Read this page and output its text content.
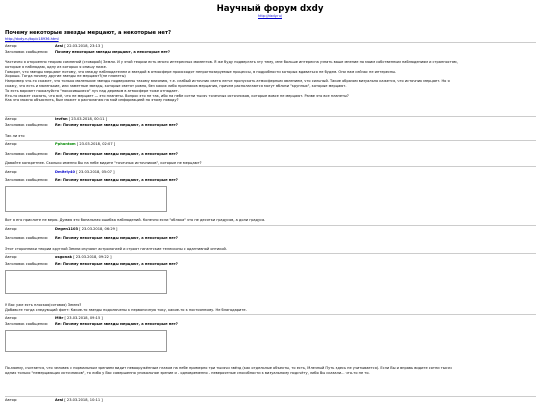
Научный форум dxdy
http://dxdy.ru/
Почему некоторые звезды мерцают, а некоторые нет?
http://dxdy.ru/topic18936.html
Автор:	Arai [ 22.03.2018, 23:13 ]
Заголовок сообщения: Почему некоторые звезды мерцают, а некоторые нет?
Частично я откроенно теорию сомнений (сговорой) Земли. И у этой теории есть много интересных моментов. Я же буду подвергать эту тему, мне больше интересна узнать ваше мнение по моим собственным наблюдениям и странностям,
которые я наблюдаю, одну из которых я опишу ниже.
Говорят, что звезды мерцают потому, что между наблюдателем и звездой в атмосфере происходят непрогнозируемые процессы, в подробности которых вдаваться не будем. Они нам сейчас не интересны.
Хорошо. Тогда почему другие звезды не мерцают?(не планеты)
Например что-то скажет, что только маленькие звезды подвержены такому влиянию, т.е. слабый источник света легче пропускать атмосферным явлением, что сильный. Такие образом визуально кажется, что источник мерцает. Но я
скажу, что есть и маленькие, или заметные звезды, которые светят ровно, без каких либо признаков мерцания, причем располагаются могут вблизи "крупных", которые мерцают.
То есть вариант пожалуйста "покосившиеся" луч над деревом в атмосфере тоже отпадает.
Кто-то может сказать, что всё, что не мерцает — это планеты. Вопрос это не так, ибо на небе сотни тысяч точечных источников, которые вовсе не мерцают. Разве это все планеты?
Как это можно объяснить, был может я располагаю на мой информацией по этому поводу?
Автор:	levfan [ 23.03.2018, 00:11 ]
Заголовок сообщения: Re: Почему некоторые звезды мерцают, а некоторые нет?
Так ли это
Автор:	Pphantom [ 23.03.2018, 02:07 ]
Заголовок сообщения: Re: Почему некоторые звезды мерцают, а некоторые нет?
Давайте конкретнее. Сколько именно Вы на небе видите "точечных источников", которые не мерцают?
Автор:	Dmitriy40 [ 23.03.2018, 05:07 ]
Заголовок сообщения: Re: Почему некоторые звезды мерцают, а некоторые нет?
Вот я его прислите не верю. Думаю это банальная ошибка наблюдений. Конечно если "облака" это не десятки градусов, а доли градуса.
Автор:	Degen1103 [ 23.03.2018, 06:29 ]
Заголовок сообщения: Re: Почему некоторые звезды мерцают, а некоторые нет?
Этот сторонники теории круглой Земли изучают астрологией и строят гигантские телескопы с адаптивной оптикой.
Автор:	osgonak [ 23.03.2018, 09:22 ]
Заголовок сообщения: Re: Почему некоторые звезды мерцают, а некоторые нет?
У Вас уже есть плоская(сотовая) Земля?
Добавьте тогда следующий фонт: Какие-то звезды подключены к первоночную току, какие-то к постоянному. Не благодарите.
Автор:	Mitr [ 23.03.2018, 09:15 ]
Заголовок сообщения: Re: Почему некоторые звезды мерцают, а некоторые нет?
По-моему, считается, что человек с нормальным зрением видит невооружённым глазом на небе примерно три тысячи звёзд (как отдельные объекты, то есть, Млечный Путь здесь не учитывается). Если Вы и вправь видите сотни тысяч
одних только "немерцающих источников", то либо у Вас совершенно уникальное зрение и - одновременно - невероятные способности к визуальному подсчёту, либо Вы сказали... что-то не то.
Автор:	Arai [ 23.03.2018, 10:11 ]
